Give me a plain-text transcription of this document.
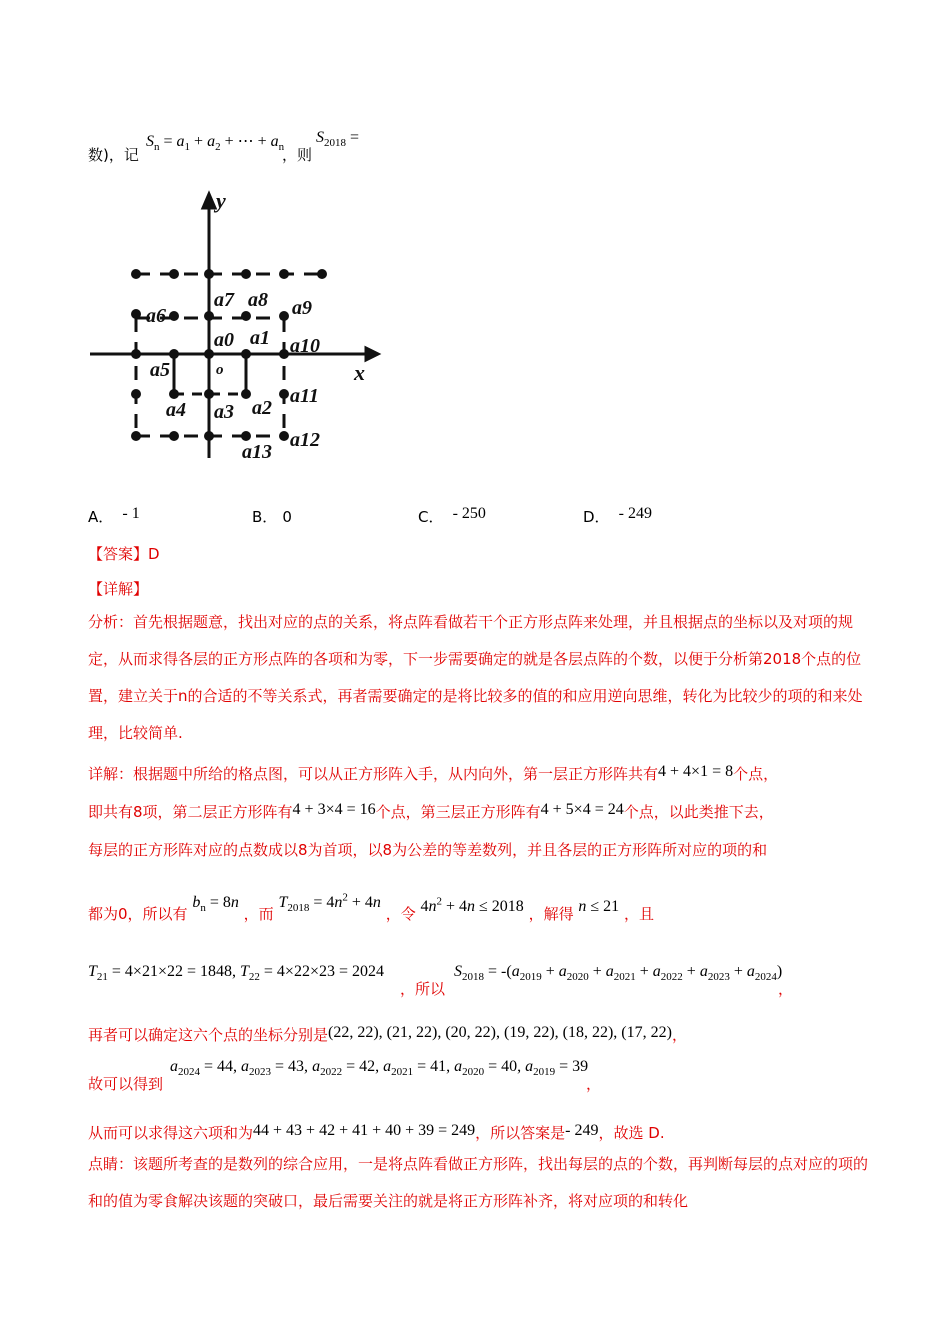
数)，记
$S_n = a_1 + a_2$ + ⋯ + $a_n$
，则
$S_{2018}$ =
y
x
o
a0 a1
a2
a3
a4
a5
a6
a7 a8 a9
a10
a11
a12
a13
A． - 1	B． 0	C． - 250	D． - 249
【答案】D
【详解】
分析：首先根据题意，找出对应的点的关系，将点阵看做若干个正方形点阵来处理，并且根据点的坐标以及对项的规定，从而求得各层的正方形点阵的各项和为零，下一步需要确定的就是各层点阵的个数，以便于分析第2018个点的位置，建立关于n的合适的不等关系式，再者需要确定的是将比较多的值的和应用逆向思维，转化为比较少的项的和来处理，比较简单.
详解：根据题中所给的格点图，可以从正方形阵入手，从内向外，第一层正方形阵共有4 + 4×1 = 8个点，
即共有8项，第二层正方形阵有4 + 3×4 = 16个点，第三层正方形阵有4 + 5×4 = 24个点，以此类推下去，
每层的正方形阵对应的点数成以8为首项，以8为公差的等差数列，并且各层的正方形阵所对应的项的和
都为0，所以有 $b_n = 8n$ ，而 $T_{2018} = 4n^2 + 4n$ ，令 $4n^2 + 4n \le 2018$ ，解得 n ≤ 21 ，且
$T_{21} = 4\times 21\times 22 = 1848$, $T_{22} = 4\times 22\times 23 = 2024$
，所以
$S_{2018} = -(a_{2019} + a_{2020} + a_{2021} + a_{2022} + a_{2023} + a_{2024})$
，
再者可以确定这六个点的坐标分别是(22, 22), (21, 22), (20, 22), (19, 22), (18, 22), (17, 22)，
故可以得到
$a_{2024} = 44$, $a_{2023} = 43$, $a_{2022} = 42$, $a_{2021} = 41$, $a_{2020} = 40$, $a_{2019} = 39$
，
从而可以求得这六项和为44 + 43 + 42 + 41 + 40 + 39 = 249，所以答案是- 249，故选 D.
点睛：该题所考查的是数列的综合应用，一是将点阵看做正方形阵，找出每层的点的个数，再判断每层的点对应的项的和的值为零食解决该题的突破口，最后需要关注的就是将正方形阵补齐，将对应项的和转化
